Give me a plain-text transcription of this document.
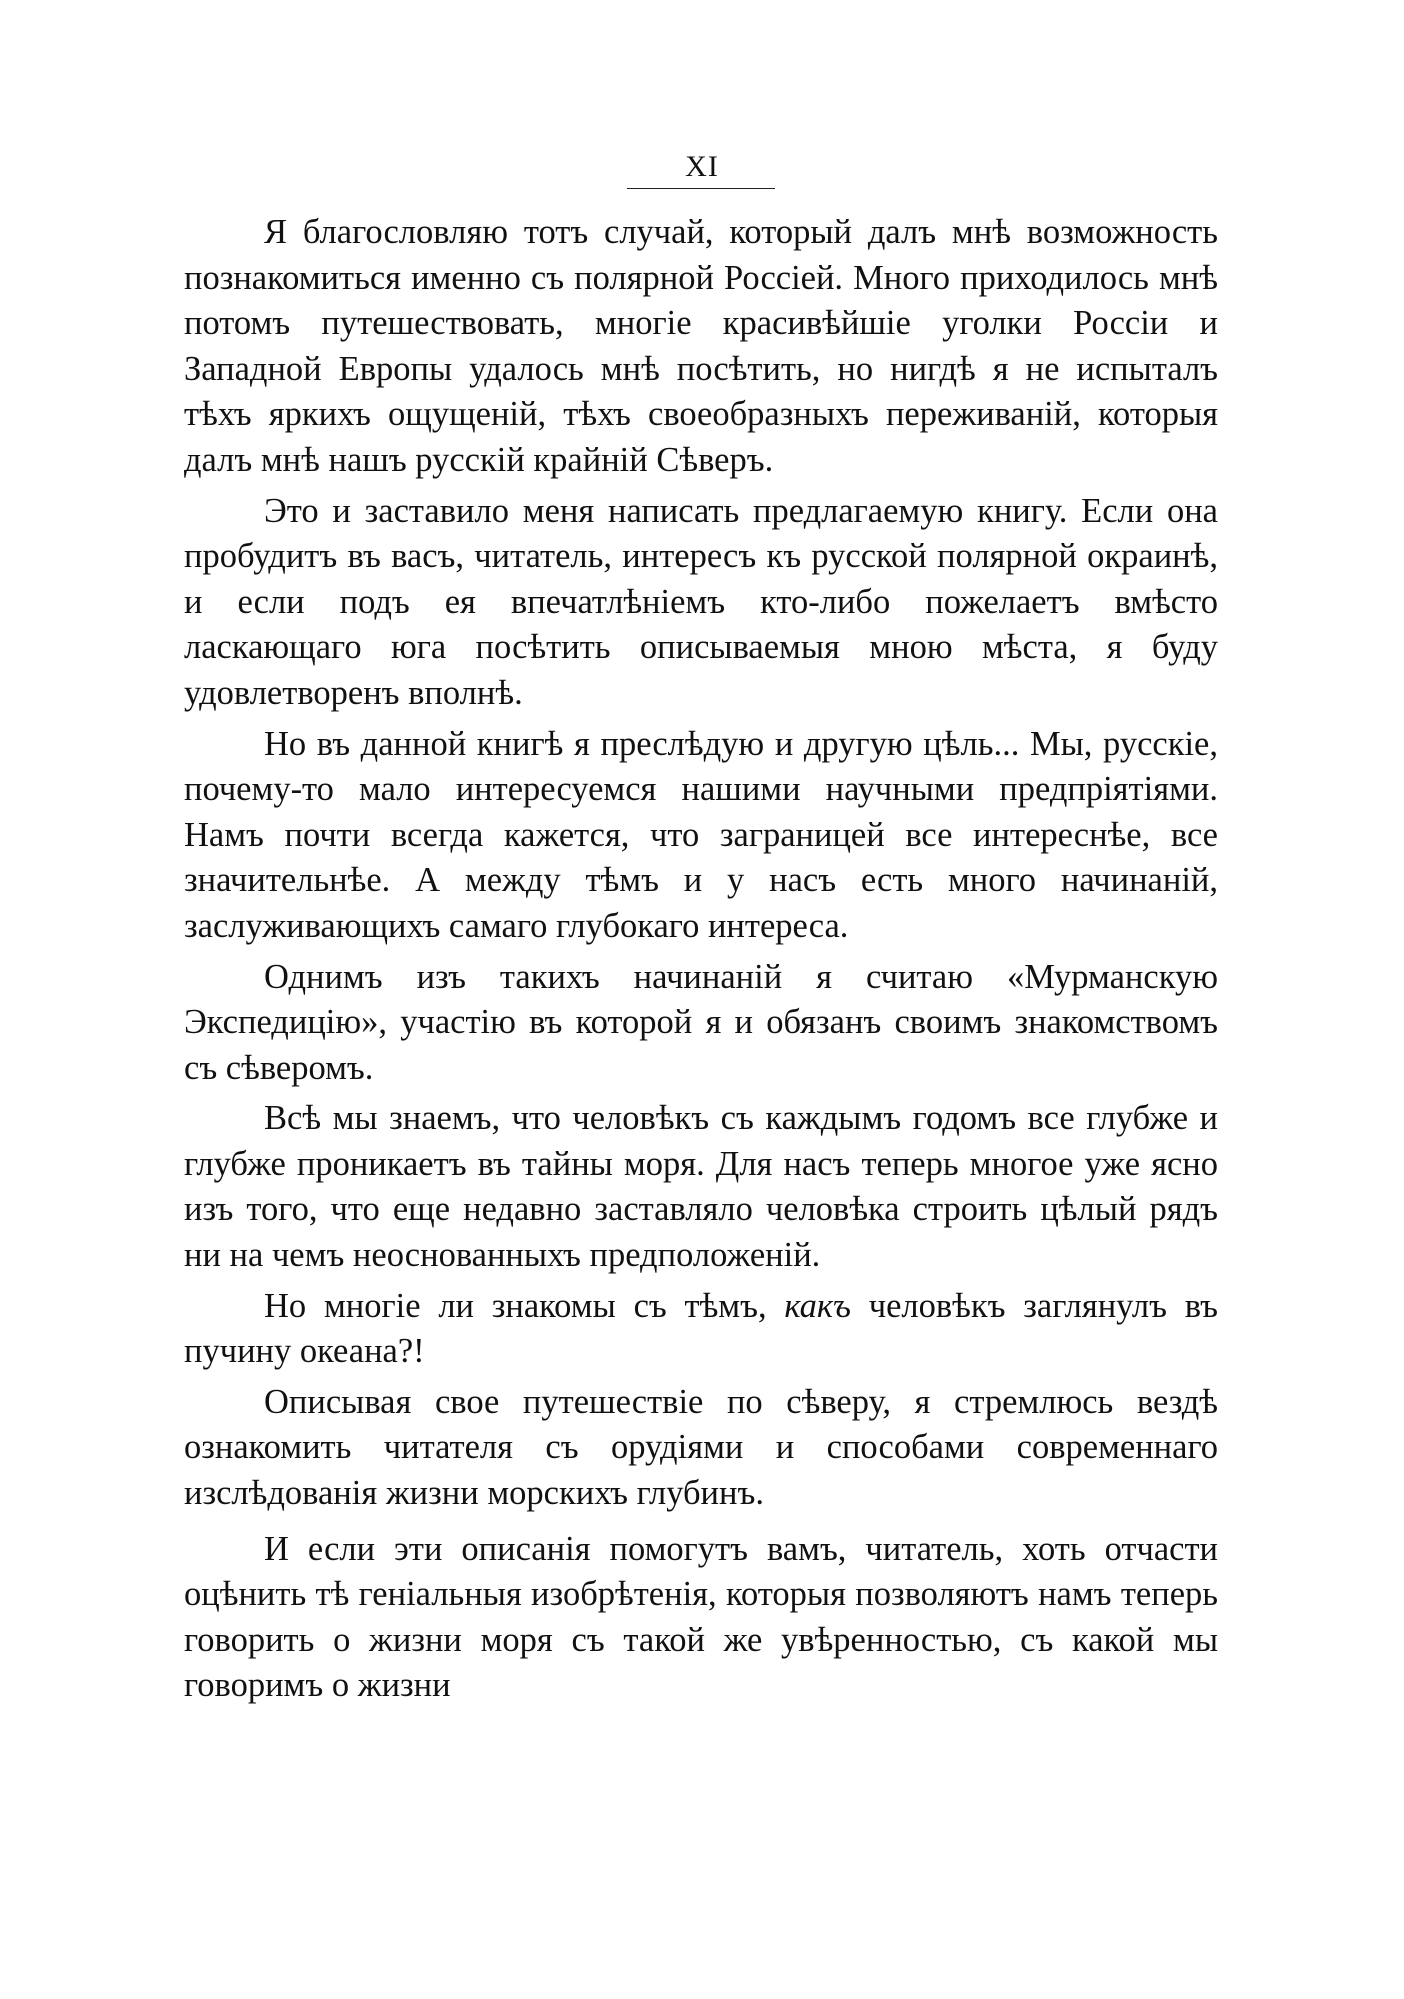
XI

Я благословляю тотъ случай, который далъ мнѣ возможность познакомиться именно съ полярной Россіей. Много приходилось мнѣ потомъ путешествовать, многіе красивѣйшіе уголки Россіи и Западной Европы удалось мнѣ посѣтить, но нигдѣ я не испыталъ тѣхъ яркихъ ощущеній, тѣхъ своеобразныхъ переживаній, которыя далъ мнѣ нашъ русскій крайній Сѣверъ.

Это и заставило меня написать предлагаемую книгу. Если она пробудитъ въ васъ, читатель, интересъ къ русской полярной окраинѣ, и если подъ ея впечатлѣніемъ кто-либо пожелаетъ вмѣсто ласкающаго юга посѣтить описываемыя мною мѣста, я буду удовлетворенъ вполнѣ.

Но въ данной книгѣ я преслѣдую и другую цѣль... Мы, русскіе, почему-то мало интересуемся нашими научными предпріятіями. Намъ почти всегда кажется, что заграницей все интереснѣе, все значительнѣе. А между тѣмъ и у насъ есть много начинаній, заслуживающихъ самаго глубокаго интереса.

Однимъ изъ такихъ начинаній я считаю «Мурманскую Экспедицію», участію въ которой я и обязанъ своимъ знакомствомъ съ сѣверомъ.

Всѣ мы знаемъ, что человѣкъ съ каждымъ годомъ все глубже и глубже проникаетъ въ тайны моря. Для насъ теперь многое уже ясно изъ того, что еще недавно заставляло человѣка строить цѣлый рядъ ни на чемъ неоснованныхъ предположеній.

Но многіе ли знакомы съ тѣмъ, какъ человѣкъ заглянулъ въ пучину океана?!

Описывая свое путешествіе по сѣверу, я стремлюсь вездѣ ознакомить читателя съ орудіями и способами современнаго изслѣдованія жизни морскихъ глубинъ.

И если эти описанія помогутъ вамъ, читатель, хоть отчасти оцѣнить тѣ геніальныя изобрѣтенія, которыя позволяютъ намъ теперь говорить о жизни моря съ такой же увѣренностью, съ какой мы говоримъ о жизни
